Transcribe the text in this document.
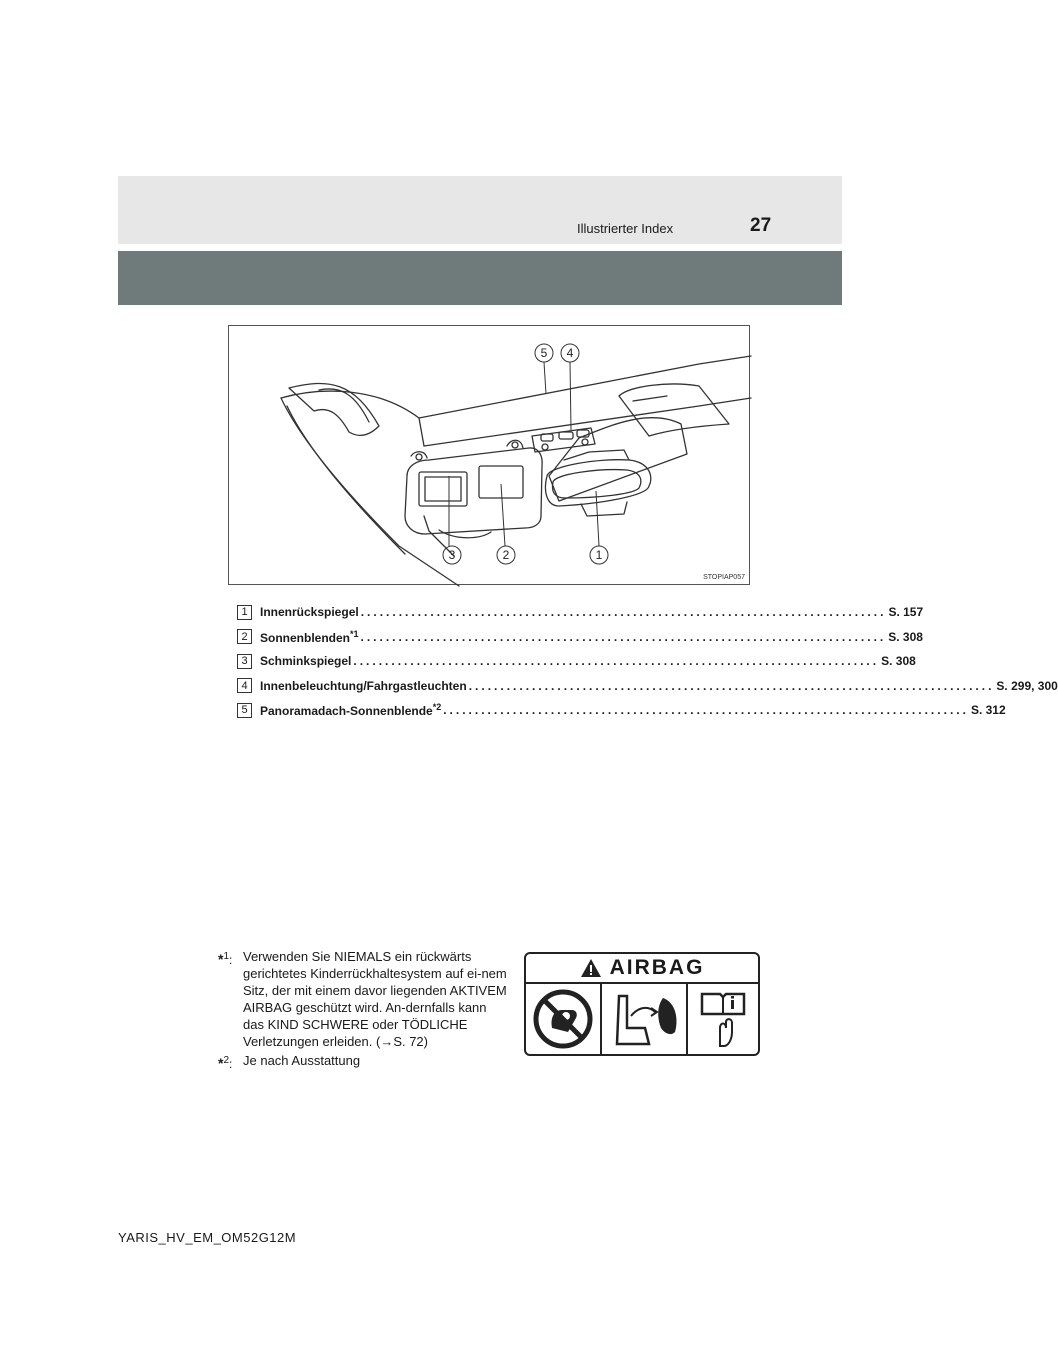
Illustrierter Index	27
5 4
3	2	1
STOPIAP057
1	Innenrückspiegel ................................................................................... S. 157
2	Sonnenblenden$^{*1}$ ................................................................................... S. 308
3	Schminkspiegel ................................................................................... S. 308
4	Innenbeleuchtung/Fahrgastleuchten ................................................................................... S. 299, 300
5	Panoramadach-Sonnenblende$^{*2}$ ................................................................................... S. 312
*$^1$: Verwenden Sie NIEMALS ein rückwärts gerichtetes Kinderrückhaltesystem auf ei-nem Sitz, der mit einem davor liegenden AKTIVEM AIRBAG geschützt wird. An-dernfalls kann das KIND SCHWERE oder TÖDLICHE Verletzungen erleiden. (→S. 72)
*$^2$: Je nach Ausstattung
AIRBAG
YARIS_HV_EM_OM52G12M
